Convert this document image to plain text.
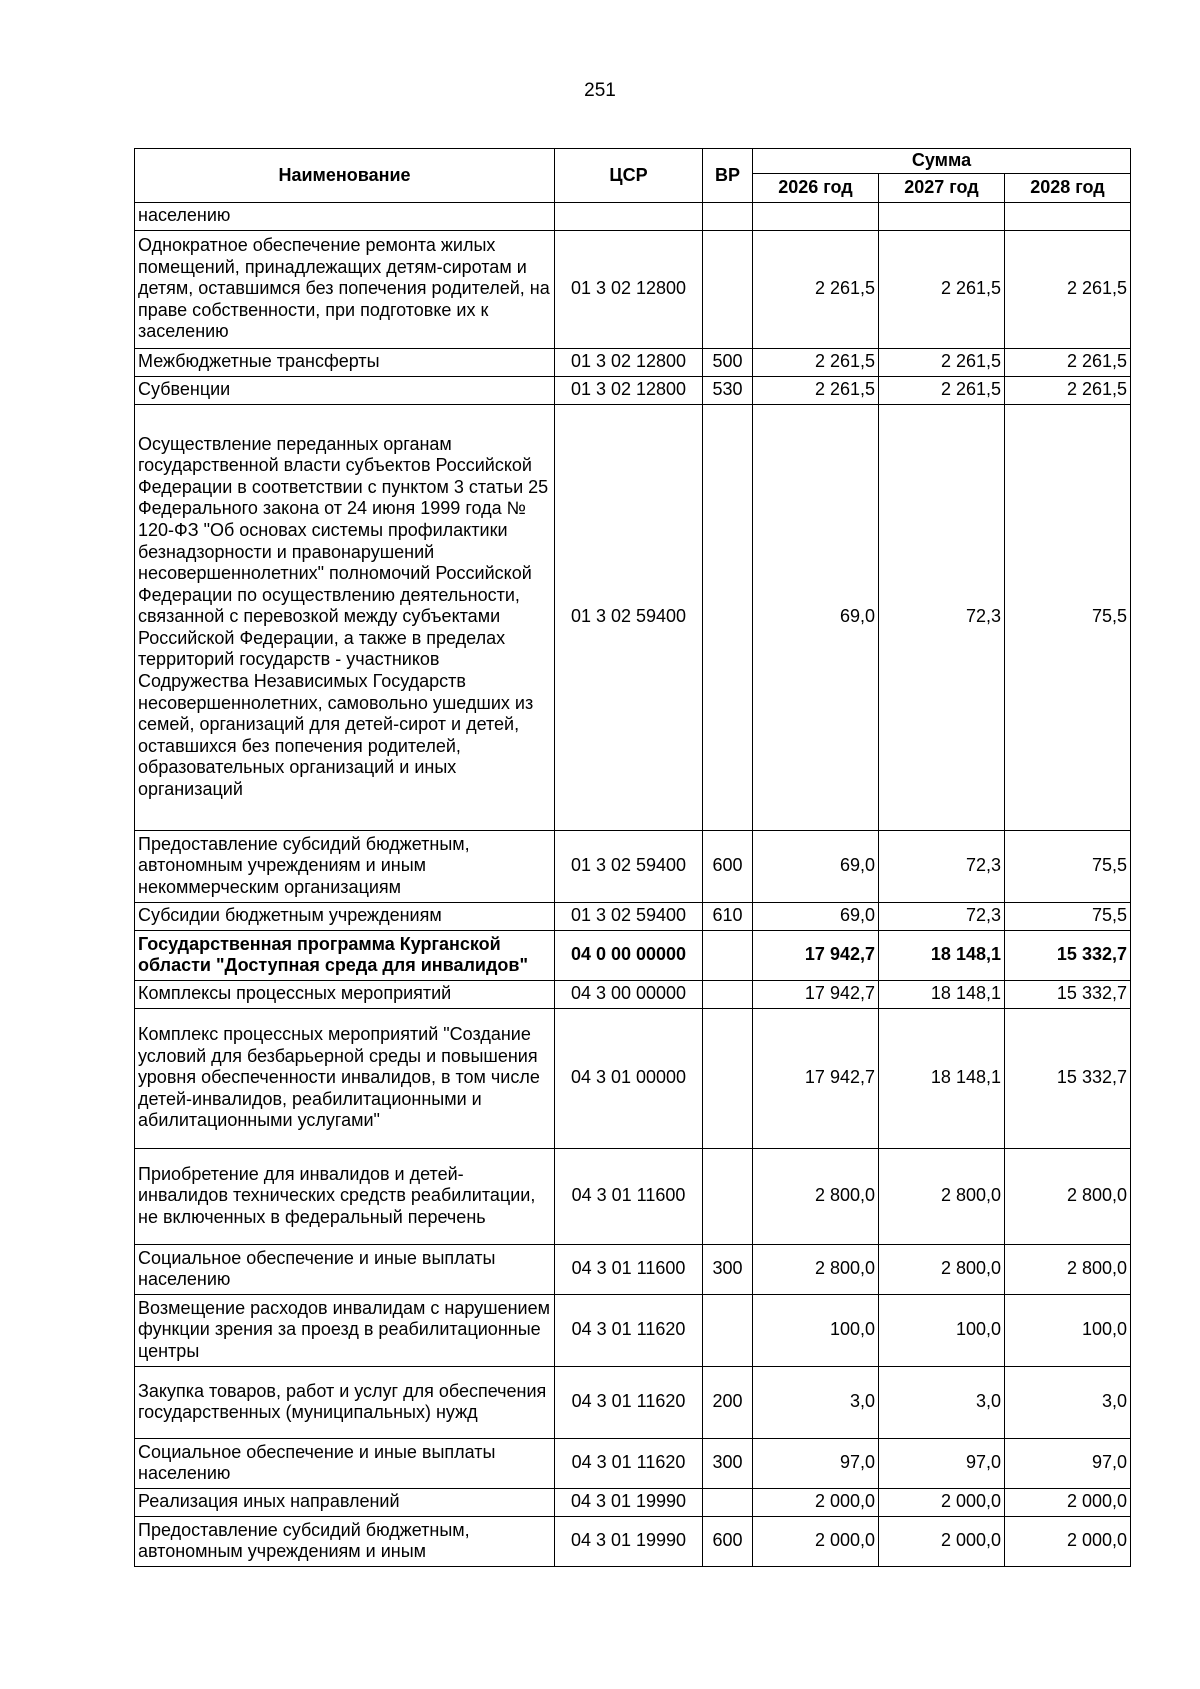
251
Наименование	ЦСР	ВР	Сумма		
			2026 год	2027 год	2028 год
населению					
Однократное обеспечение ремонта жилых помещений, принадлежащих детям-сиротам и детям, оставшимся без попечения родителей, на праве собственности, при подготовке их к заселению	01 3 02 12800		2 261,5	2 261,5	2 261,5
Межбюджетные трансферты	01 3 02 12800	500	2 261,5	2 261,5	2 261,5
Субвенции	01 3 02 12800	530	2 261,5	2 261,5	2 261,5
Осуществление переданных органам государственной власти субъектов Российской Федерации в соответствии с пунктом 3 статьи 25 Федерального закона от 24 июня 1999 года № 120-ФЗ "Об основах системы профилактики безнадзорности и правонарушений несовершеннолетних" полномочий Российской Федерации по осуществлению деятельности, связанной с перевозкой между субъектами Российской Федерации, а также в пределах территорий государств - участников Содружества Независимых Государств несовершеннолетних, самовольно ушедших из семей, организаций для детей-сирот и детей, оставшихся без попечения родителей, образовательных организаций и иных организаций	01 3 02 59400		69,0	72,3	75,5
Предоставление субсидий бюджетным, автономным учреждениям и иным некоммерческим организациям	01 3 02 59400	600	69,0	72,3	75,5
Субсидии бюджетным учреждениям	01 3 02 59400	610	69,0	72,3	75,5
Государственная программа Курганской области "Доступная среда для инвалидов"	04 0 00 00000		17 942,7	18 148,1	15 332,7
Комплексы процессных мероприятий	04 3 00 00000		17 942,7	18 148,1	15 332,7
Комплекс процессных мероприятий "Создание условий для безбарьерной среды и повышения уровня обеспеченности инвалидов, в том числе детей-инвалидов, реабилитационными и абилитационными услугами"	04 3 01 00000		17 942,7	18 148,1	15 332,7
Приобретение для инвалидов и детей-инвалидов технических средств реабилитации, не включенных в федеральный перечень	04 3 01 11600		2 800,0	2 800,0	2 800,0
Социальное обеспечение и иные выплаты населению	04 3 01 11600	300	2 800,0	2 800,0	2 800,0
Возмещение расходов инвалидам с нарушением функции зрения за проезд в реабилитационные центры	04 3 01 11620		100,0	100,0	100,0
Закупка товаров, работ и услуг для обеспечения государственных (муниципальных) нужд	04 3 01 11620	200	3,0	3,0	3,0
Социальное обеспечение и иные выплаты населению	04 3 01 11620	300	97,0	97,0	97,0
Реализация иных направлений	04 3 01 19990		2 000,0	2 000,0	2 000,0
Предоставление субсидий бюджетным, автономным учреждениям и иным	04 3 01 19990	600	2 000,0	2 000,0	2 000,0
